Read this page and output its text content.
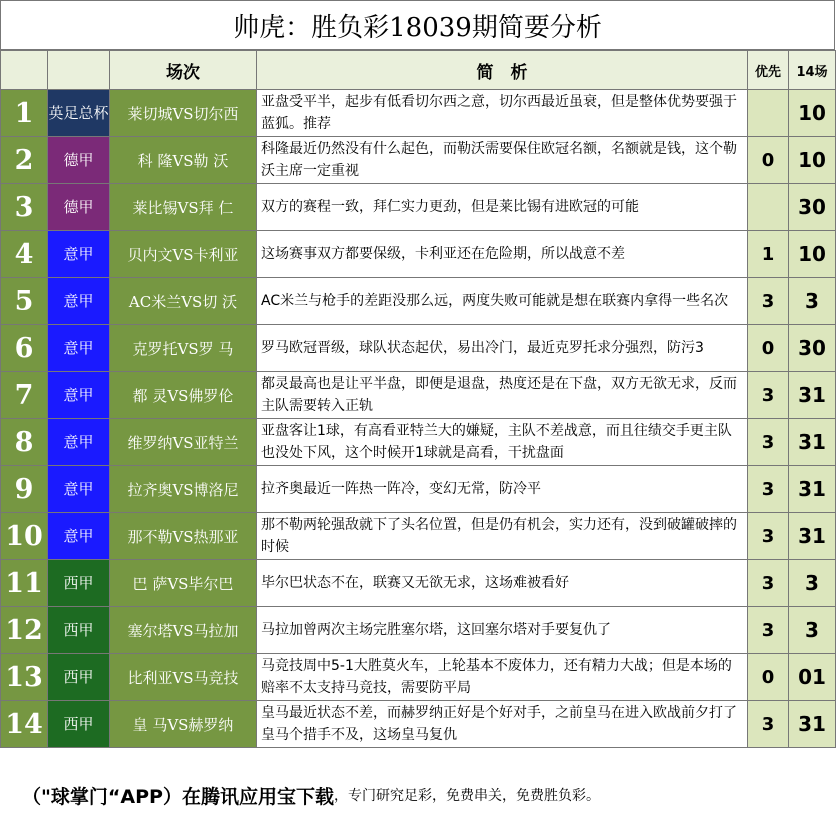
帅虎：胜负彩18039期简要分析
		场次	简　析	优先	14场
1	英足总杯	莱切城VS切尔西	亚盘受平半，起步有低看切尔西之意，切尔西最近虽衰，但是整体优势要强于蓝狐。推荐		10
2	德甲	科 隆VS勒 沃	科隆最近仍然没有什么起色，而勒沃需要保住欧冠名额，名额就是钱，这个勒沃主席一定重视	0	10
3	德甲	莱比锡VS拜 仁	双方的赛程一致，拜仁实力更劲，但是莱比锡有进欧冠的可能		30
4	意甲	贝内文VS卡利亚	这场赛事双方都要保级，卡利亚还在危险期，所以战意不差	1	10
5	意甲	AC米兰VS切 沃	AC米兰与枪手的差距没那么远，两度失败可能就是想在联赛内拿得一些名次	3	3
6	意甲	克罗托VS罗 马	罗马欧冠晋级，球队状态起伏，易出冷门，最近克罗托求分强烈，防污3	0	30
7	意甲	都 灵VS佛罗伦	都灵最高也是让平半盘，即便是退盘，热度还是在下盘，双方无欲无求，反而主队需要转入正轨	3	31
8	意甲	维罗纳VS亚特兰	亚盘客让1球，有高看亚特兰大的嫌疑，主队不差战意，而且往绩交手更主队也没处下风，这个时候开1球就是高看，干扰盘面	3	31
9	意甲	拉齐奥VS博洛尼	拉齐奥最近一阵热一阵冷，变幻无常，防冷平	3	31
10	意甲	那不勒VS热那亚	那不勒两轮强敌就下了头名位置，但是仍有机会，实力还有，没到破罐破摔的时候	3	31
11	西甲	巴 萨VS毕尔巴	毕尔巴状态不在，联赛又无欲无求，这场难被看好	3	3
12	西甲	塞尔塔VS马拉加	马拉加曾两次主场完胜塞尔塔，这回塞尔塔对手要复仇了	3	3
13	西甲	比利亚VS马竞技	马竞技周中5-1大胜莫火车，上轮基本不废体力，还有精力大战；但是本场的赔率不太支持马竞技，需要防平局	0	01
14	西甲	皇 马VS赫罗纳	皇马最近状态不差，而赫罗纳正好是个好对手，之前皇马在进入欧战前夕打了皇马个措手不及，这场皇马复仇	3	31
（"球掌门“APP）在腾讯应用宝下载 ，专门研究足彩，免费串关，免费胜负彩。
